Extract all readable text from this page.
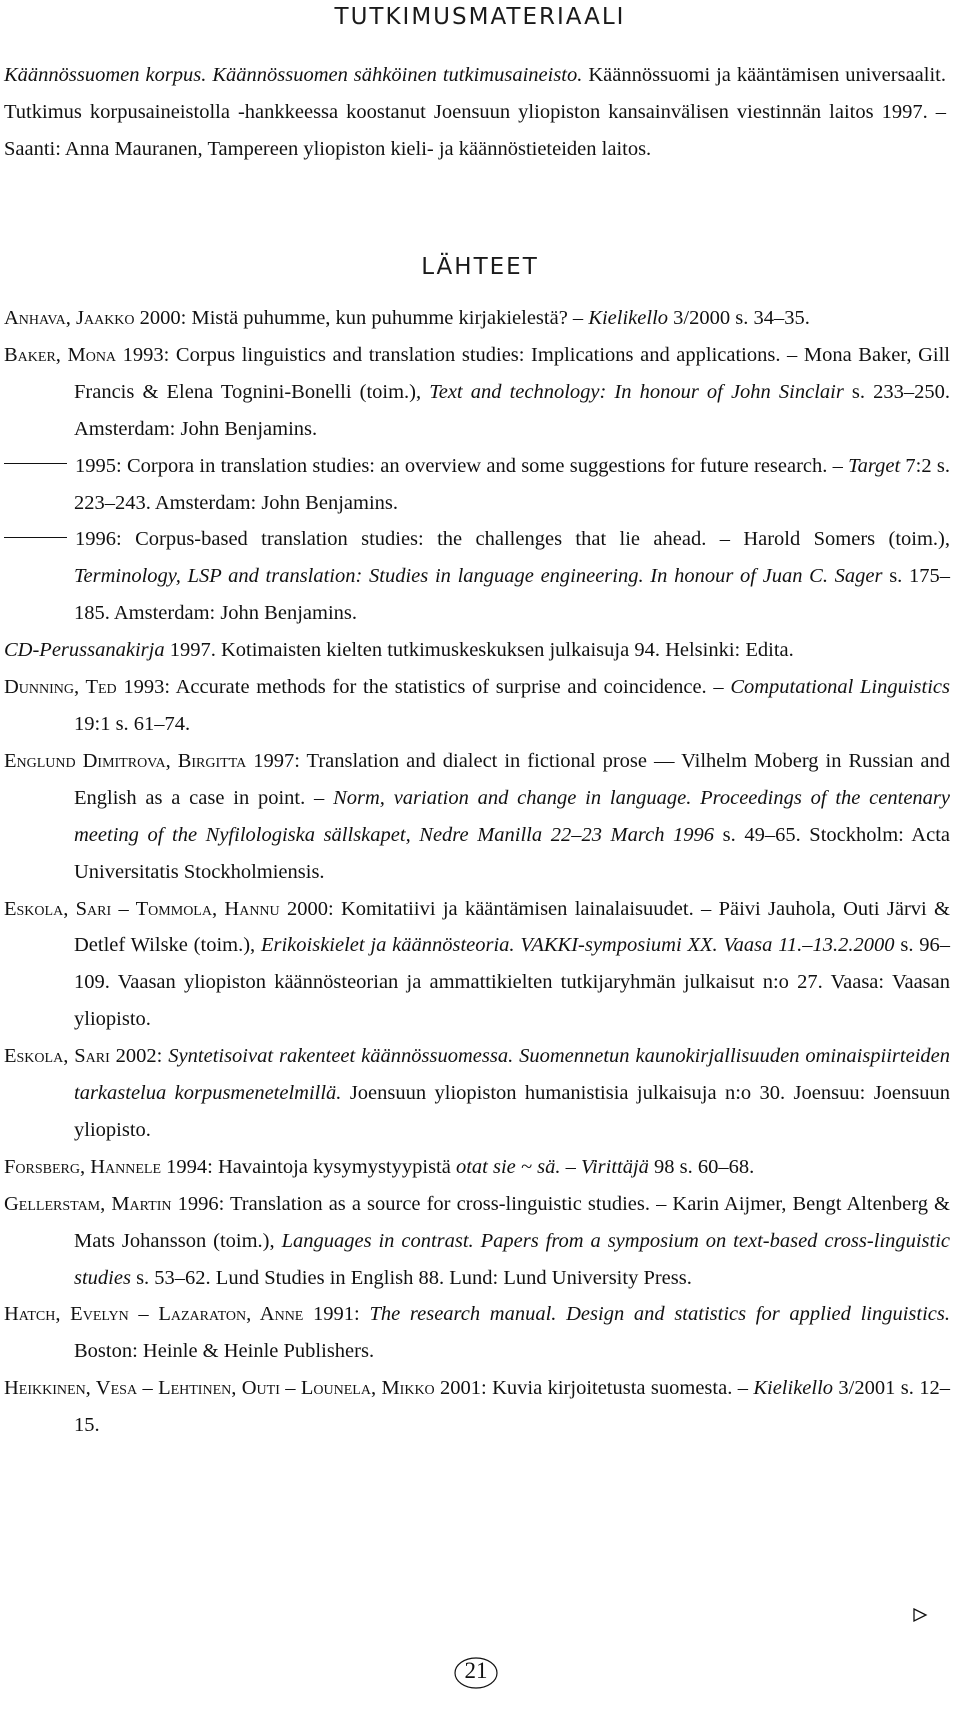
TUTKIMUSMATERIAALI

Käännössuomen korpus. Käännössuomen sähköinen tutkimusaineisto. Käännössuomi ja kääntämisen universaalit. Tutkimus korpusaineistolla -hankkeessa koostanut Joensuun yliopiston kansainvälisen viestinnän laitos 1997. – Saanti: Anna Mauranen, Tampereen yliopiston kieli- ja käännöstieteiden laitos.

LÄHTEET

Anhava, Jaakko 2000: Mistä puhumme, kun puhumme kirjakielestä? – Kielikello 3/2000 s. 34–35.

Baker, Mona 1993: Corpus linguistics and translation studies: Implications and applications. – Mona Baker, Gill Francis & Elena Tognini-Bonelli (toim.), Text and technology: In honour of John Sinclair s. 233–250. Amsterdam: John Benjamins.

1995: Corpora in translation studies: an overview and some suggestions for future research. – Target 7:2 s. 223–243. Amsterdam: John Benjamins.

1996: Corpus-based translation studies: the challenges that lie ahead. – Harold Somers (toim.), Terminology, LSP and translation: Studies in language engineering. In honour of Juan C. Sager s. 175–185. Amsterdam: John Benjamins.

CD-Perussanakirja 1997. Kotimaisten kielten tutkimuskeskuksen julkaisuja 94. Helsinki: Edita.

Dunning, Ted 1993: Accurate methods for the statistics of surprise and coincidence. – Computational Linguistics 19:1 s. 61–74.

Englund Dimitrova, Birgitta 1997: Translation and dialect in fictional prose — Vilhelm Moberg in Russian and English as a case in point. – Norm, variation and change in language. Proceedings of the centenary meeting of the Nyfilologiska sällskapet, Nedre Manilla 22–23 March 1996 s. 49–65. Stockholm: Acta Universitatis Stockholmiensis.

Eskola, Sari – Tommola, Hannu 2000: Komitatiivi ja kääntämisen lainalaisuudet. – Päivi Jauhola, Outi Järvi & Detlef Wilske (toim.), Erikoiskielet ja käännösteoria. VAKKI-symposiumi XX. Vaasa 11.–13.2.2000 s. 96–109. Vaasan yliopiston käännösteorian ja ammattikielten tutkijaryhmän julkaisut n:o 27. Vaasa: Vaasan yliopisto.

Eskola, Sari 2002: Syntetisoivat rakenteet käännössuomessa. Suomennetun kaunokirjallisuuden ominaispiirteiden tarkastelua korpusmenetelmillä. Joensuun yliopiston humanistisia julkaisuja n:o 30. Joensuu: Joensuun yliopisto.

Forsberg, Hannele 1994: Havaintoja kysymystyypistä otat sie ~ sä. – Virittäjä 98 s. 60–68.

Gellerstam, Martin 1996: Translation as a source for cross-linguistic studies. – Karin Aijmer, Bengt Altenberg & Mats Johansson (toim.), Languages in contrast. Papers from a symposium on text-based cross-linguistic studies s. 53–62. Lund Studies in English 88. Lund: Lund University Press.

Hatch, Evelyn – Lazaraton, Anne 1991: The research manual. Design and statistics for applied linguistics. Boston: Heinle & Heinle Publishers.

Heikkinen, Vesa – Lehtinen, Outi – Lounela, Mikko 2001: Kuvia kirjoitetusta suomesta. – Kielikello 3/2001 s. 12–15.

21
